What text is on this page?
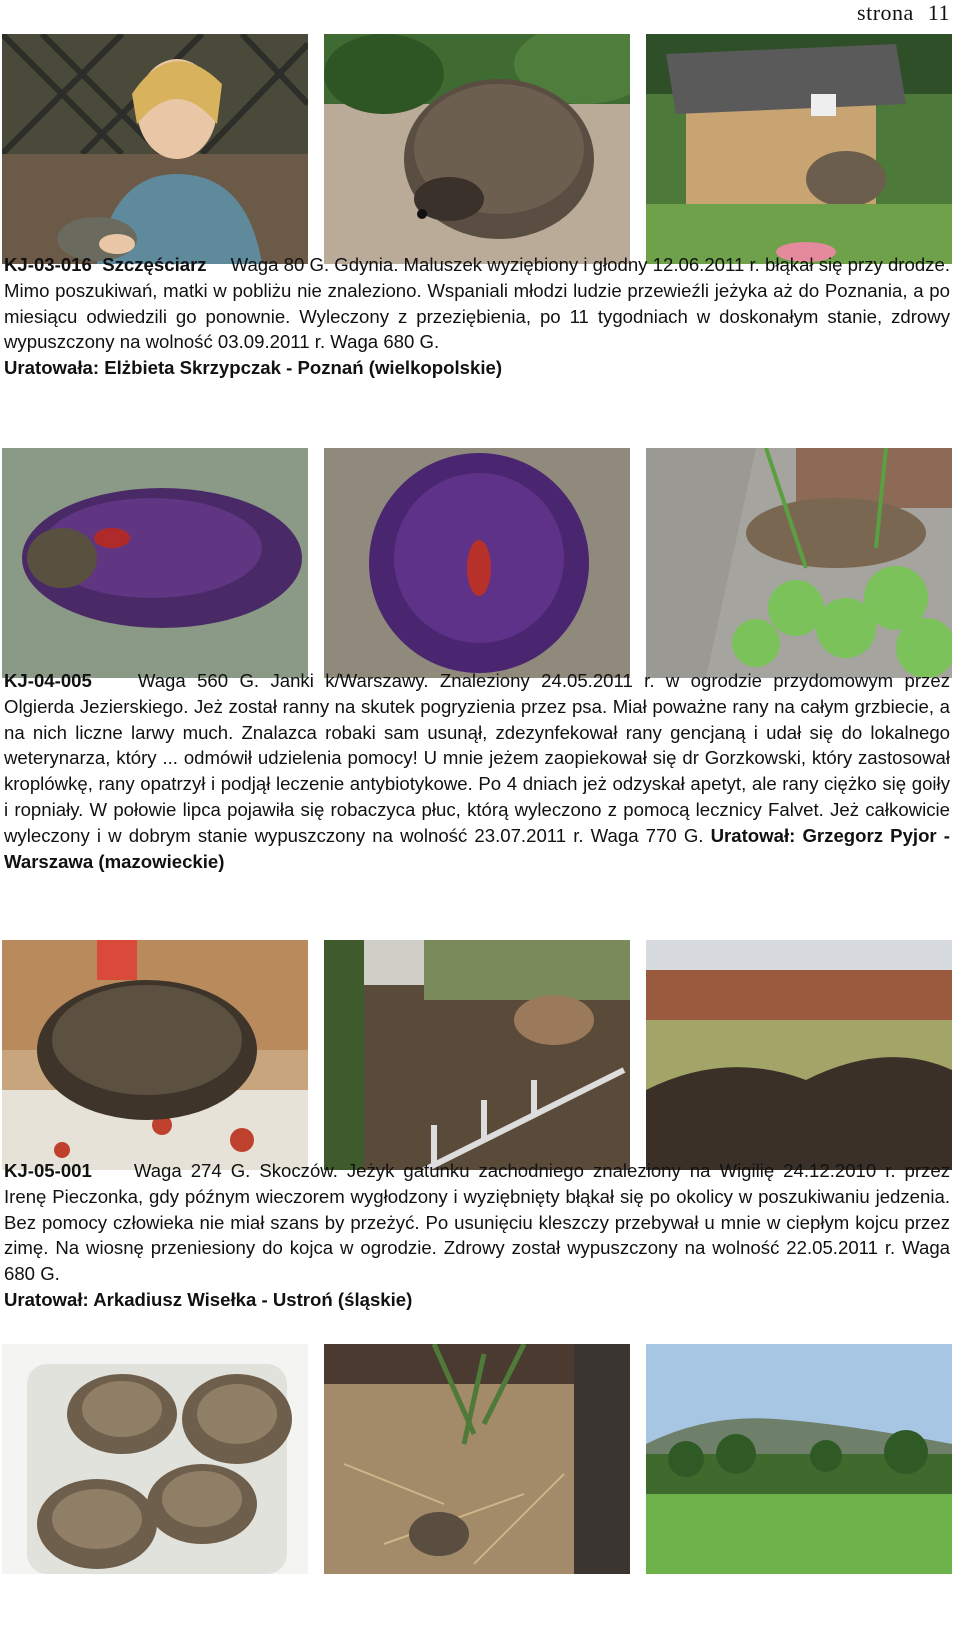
strona 11
KJ-03-016 Szczęściarz Waga 80 G. Gdynia. Maluszek wyziębiony i głodny 12.06.2011 r. błąkał się przy drodze. Mimo poszukiwań, matki w pobliżu nie znaleziono. Wspaniali młodzi ludzie przewieźli jeżyka aż do Poznania, a po miesiącu odwiedzili go ponownie. Wyleczony z przeziębienia, po 11 tygodniach w doskonałym stanie, zdrowy wypuszczony na wolność 03.09.2011 r. Waga 680 G.
Uratowała: Elżbieta Skrzypczak - Poznań (wielkopolskie)
KJ-04-005 Waga 560 G. Janki k/Warszawy. Znaleziony 24.05.2011 r. w ogrodzie przydomowym przez Olgierda Jezierskiego. Jeż został ranny na skutek pogryzienia przez psa. Miał poważne rany na całym grzbiecie, a na nich liczne larwy much. Znalazca robaki sam usunął, zdezynfekował rany gencjaną i udał się do lokalnego weterynarza, który ... odmówił udzielenia pomocy! U mnie jeżem zaopiekował się dr Gorzkowski, który zastosował kroplówkę, rany opatrzył i podjął leczenie antybiotykowe. Po 4 dniach jeż odzyskał apetyt, ale rany ciężko się goiły i ropniały. W połowie lipca pojawiła się robaczyca płuc, którą wyleczono z pomocą lecznicy Falvet. Jeż całkowicie wyleczony i w dobrym stanie wypuszczony na wolność 23.07.2011 r. Waga 770 G. Uratował: Grzegorz Pyjor - Warszawa (mazowieckie)
KJ-05-001 Waga 274 G. Skoczów. Jeżyk gatunku zachodniego znaleziony na Wigilię 24.12.2010 r. przez Irenę Pieczonka, gdy późnym wieczorem wygłodzony i wyziębnięty błąkał się po okolicy w poszukiwaniu jedzenia. Bez pomocy człowieka nie miał szans by przeżyć. Po usunięciu kleszczy przebywał u mnie w ciepłym kojcu przez zimę. Na wiosnę przeniesiony do kojca w ogrodzie. Zdrowy został wypuszczony na wolność 22.05.2011 r. Waga 680 G.
Uratował: Arkadiusz Wisełka - Ustroń (śląskie)
